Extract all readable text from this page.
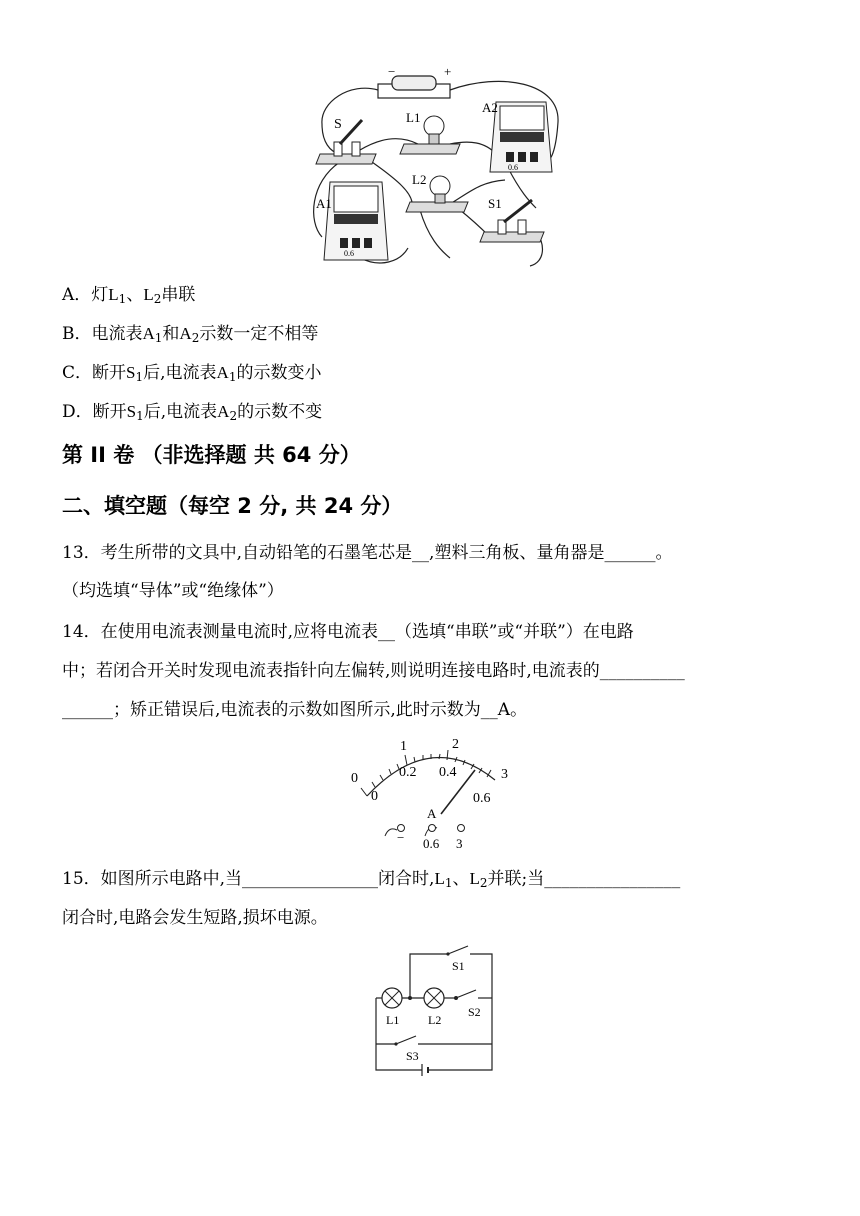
−	+
S	L1
A2
0.6
L2
A1
0.6
S1
A．灯$L_1$、$L_2$串联
B．电流表$A_1$和$A_2$示数一定不相等
C．断开$S_1$后,电流表$A_1$的示数变小
D．断开$S_1$后,电流表$A_2$的示数不变
第 II 卷 （非选择题 共 64 分）
二、填空题（每空 2 分, 共 24 分）
13．考生所带的文具中,自动铅笔的石墨笔芯是__,塑料三角板、量角器是______。
（均选填“导体”或“绝缘体”）
14．在使用电流表测量电流时,应将电流表__（选填“串联”或“并联”）在电路
中；若闭合开关时发现电流表指针向左偏转,则说明连接电路时,电流表的__________
______；矫正错误后,电流表的示数如图所示,此时示数为__A。
0
1	2
3
0
0.2 0.4
0.6
A
− 0.6 3
15．如图所示电路中,当________________闭合时$,L_1$、$L_2$并联;当________________
闭合时,电路会发生短路,损坏电源。
S1
S2
S3
L1 L2
